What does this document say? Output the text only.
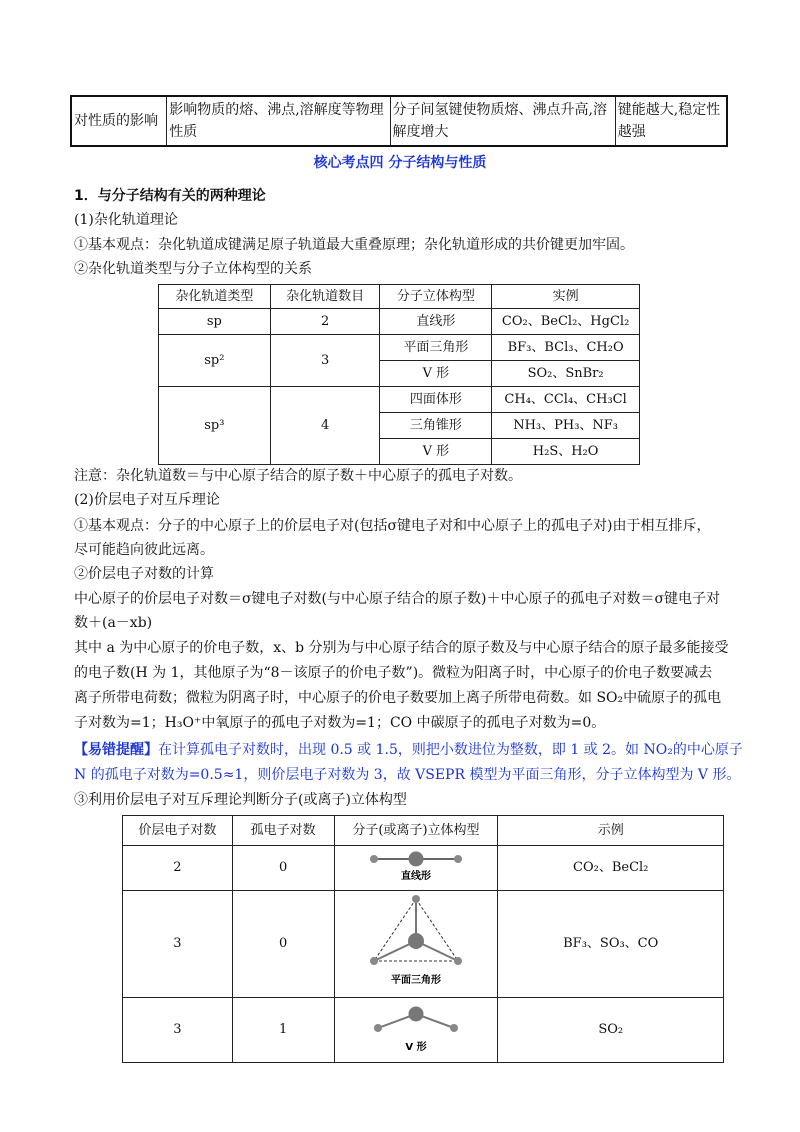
对性质的影响	影响物质的熔、沸点,溶解度等物理性质	分子间氢键使物质熔、沸点升高,溶解度增大	键能越大,稳定性越强
核心考点四 分子结构与性质
1．与分子结构有关的两种理论
(1)杂化轨道理论
①基本观点：杂化轨道成键满足原子轨道最大重叠原理；杂化轨道形成的共价键更加牢固。
②杂化轨道类型与分子立体构型的关系
杂化轨道类型	杂化轨道数目	分子立体构型	实例
sp	2	直线形	CO₂、BeCl₂、HgCl₂
sp²	3	平面三角形	BF₃、BCl₃、CH₂O
		V 形	SO₂、SnBr₂
sp³	4	四面体形	CH₄、CCl₄、CH₃Cl
		三角锥形	NH₃、PH₃、NF₃
		V 形	H₂S、H₂O
注意：杂化轨道数＝与中心原子结合的原子数＋中心原子的孤电子对数。
(2)价层电子对互斥理论
①基本观点：分子的中心原子上的价层电子对(包括σ键电子对和中心原子上的孤电子对)由于相互排斥，
尽可能趋向彼此远离。
②价层电子对数的计算
中心原子的价层电子对数＝σ键电子对数(与中心原子结合的原子数)＋中心原子的孤电子对数＝σ键电子对
数＋(a－xb)
其中 a 为中心原子的价电子数，x、b 分别为与中心原子结合的原子数及与中心原子结合的原子最多能接受
的电子数(H 为 1，其他原子为“8－该原子的价电子数”)。微粒为阳离子时，中心原子的价电子数要减去
离子所带电荷数；微粒为阴离子时，中心原子的价电子数要加上离子所带电荷数。如 SO₂中硫原子的孤电
子对数为=1；H₃O⁺中氧原子的孤电子对数为=1；CO 中碳原子的孤电子对数为=0。
【易错提醒】在计算孤电子对数时，出现 0.5 或 1.5，则把小数进位为整数，即 1 或 2。如 NO₂的中心原子
N 的孤电子对数为=0.5≈1，则价层电子对数为 3，故 VSEPR 模型为平面三角形，分子立体构型为 V 形。
③利用价层电子对互斥理论判断分子(或离子)立体构型
价层电子对数	孤电子对数	分子(或离子)立体构型	示例
2	0	直线形	CO₂、BeCl₂
3	0	平面三角形	BF₃、SO₃、CO
3	1	V 形	SO₂
